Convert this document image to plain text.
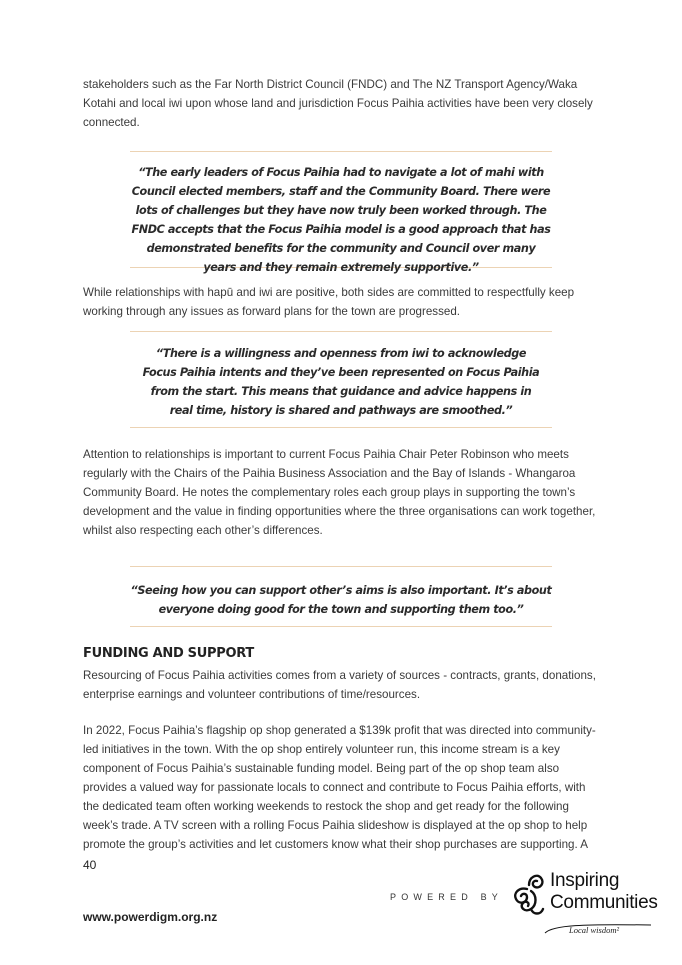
stakeholders such as the Far North District Council (FNDC) and The NZ Transport Agency/Waka Kotahi and local iwi upon whose land and jurisdiction Focus Paihia activities have been very closely connected.

“The early leaders of Focus Paihia had to navigate a lot of mahi with Council elected members, staff and the Community Board. There were lots of challenges but they have now truly been worked through. The FNDC accepts that the Focus Paihia model is a good approach that has demonstrated benefits for the community and Council over many years and they remain extremely supportive.”

While relationships with hapū and iwi are positive, both sides are committed to respectfully keep working through any issues as forward plans for the town are progressed.

“There is a willingness and openness from iwi to acknowledge Focus Paihia intents and they’ve been represented on Focus Paihia from the start. This means that guidance and advice happens in real time, history is shared and pathways are smoothed.”

Attention to relationships is important to current Focus Paihia Chair Peter Robinson who meets regularly with the Chairs of the Paihia Business Association and the Bay of Islands - Whangaroa Community Board. He notes the complementary roles each group plays in supporting the town’s development and the value in finding opportunities where the three organisations can work together, whilst also respecting each other’s differences.

“Seeing how you can support other’s aims is also important. It’s about everyone doing good for the town and supporting them too.”
FUNDING AND SUPPORT

Resourcing of Focus Paihia activities comes from a variety of sources - contracts, grants, donations, enterprise earnings and volunteer contributions of time/resources.

In 2022, Focus Paihia’s flagship op shop generated a $139k profit that was directed into community-led initiatives in the town. With the op shop entirely volunteer run, this income stream is a key component of Focus Paihia’s sustainable funding model. Being part of the op shop team also provides a valued way for passionate locals to connect and contribute to Focus Paihia efforts, with the dedicated team often working weekends to restock the shop and get ready for the following week’s trade. A TV screen with a rolling Focus Paihia slideshow is displayed at the op shop to help promote the group’s activities and let customers know what their shop purchases are supporting. A

40
POWERED BY
www.powerdigm.org.nz
Inspiring
Communities
Local wisdom²
